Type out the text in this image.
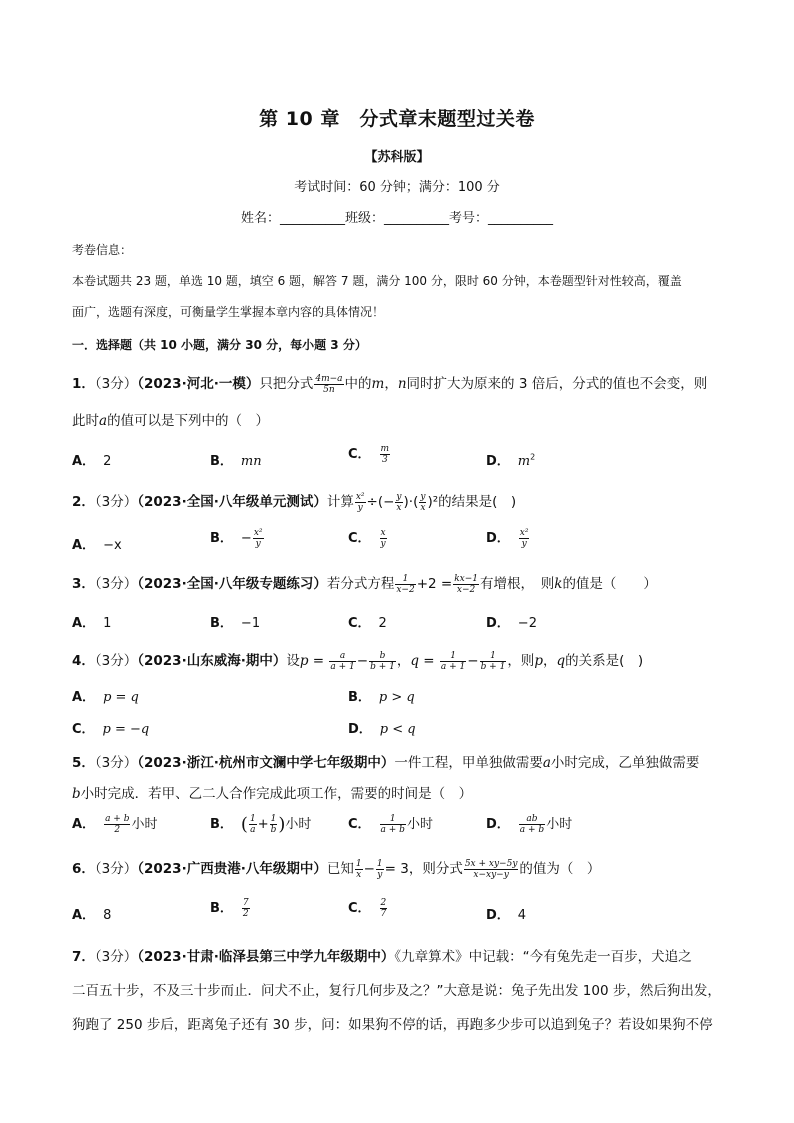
第 10 章　分式章末题型过关卷
【苏科版】
考试时间：60 分钟；满分：100 分
姓名：__________班级：__________考号：__________
考卷信息：
本卷试题共 23 题，单选 10 题，填空 6 题，解答 7 题，满分 100 分，限时 60 分钟，本卷题型针对性较高，覆盖
面广，选题有深度，可衡量学生掌握本章内容的具体情况！
一．选择题（共 10 小题，满分 30 分，每小题 3 分）
1．（3分）（2023·河北·一模）只把分式 $\frac{4m-a}{5n}$ 中的m，n同时扩大为原来的 3 倍后，分式的值也不会变，则
此时a的值可以是下列中的（　）
A． 2	B． mn	C． $\frac{m}{3}$	D． $m^2$
2．（3分）（2023·全国·八年级单元测试）计算 $\frac{\text{x²}}{y}$ ÷(− $\frac{y}{x}$ )·( $\frac{y}{x} )^2$的结果是(　)
A． −x	B． − $\frac{\text{x²}}{y}$	C． $\frac{x}{y}$	D． $\frac{\text{x²}}{y}$
3．（3分）（2023·全国·八年级专题练习）若分式方程 $\frac{1}{x-2} +2 = \frac{kx-1}{x-2}$ 有增根，　则k的值是（　　）
A． 1	B． −1	C． 2	D． −2
4．（3分）（2023·山东威海·期中）设$p = \frac{a}{a + 1} - \frac{b}{b + 1}$ ，$q = \frac{1}{a + 1} - \frac{1}{b + 1}$ ，则p，q的关系是(　)
A． p = q	B． p > q
C． p = −q	D． p < q
5．（3分）（2023·浙江·杭州市文澜中学七年级期中）一件工程，甲单独做需要a小时完成，乙单独做需要
b小时完成．若甲、乙二人合作完成此项工作，需要的时间是（　）
A． $\frac{a + b}{2}$ 小时	B． ( $\frac{1}{a} + \frac{1}{b}$ )小时	C． $\frac{1}{a + b}$ 小时	D． $\frac{ab}{a + b}$ 小时
6．（3分）（2023·广西贵港·八年级期中）已知 $\frac{1}{x} - \frac{1}{y} = 3$，则分式 $\frac{5x + xy-5y}{x-xy-y}$ 的值为（　）
A． 8	B． $\frac{7}{2}$	C． $\frac{2}{7}$	D． 4
7．（3分）（2023·甘肃·临泽县第三中学九年级期中）《九章算术》中记载：“今有兔先走一百步，犬追之
二百五十步，不及三十步而止．问犬不止，复行几何步及之？”大意是说：兔子先出发 100 步，然后狗出发，
狗跑了 250 步后，距离兔子还有 30 步，问：如果狗不停的话，再跑多少步可以追到兔子？若设如果狗不停
